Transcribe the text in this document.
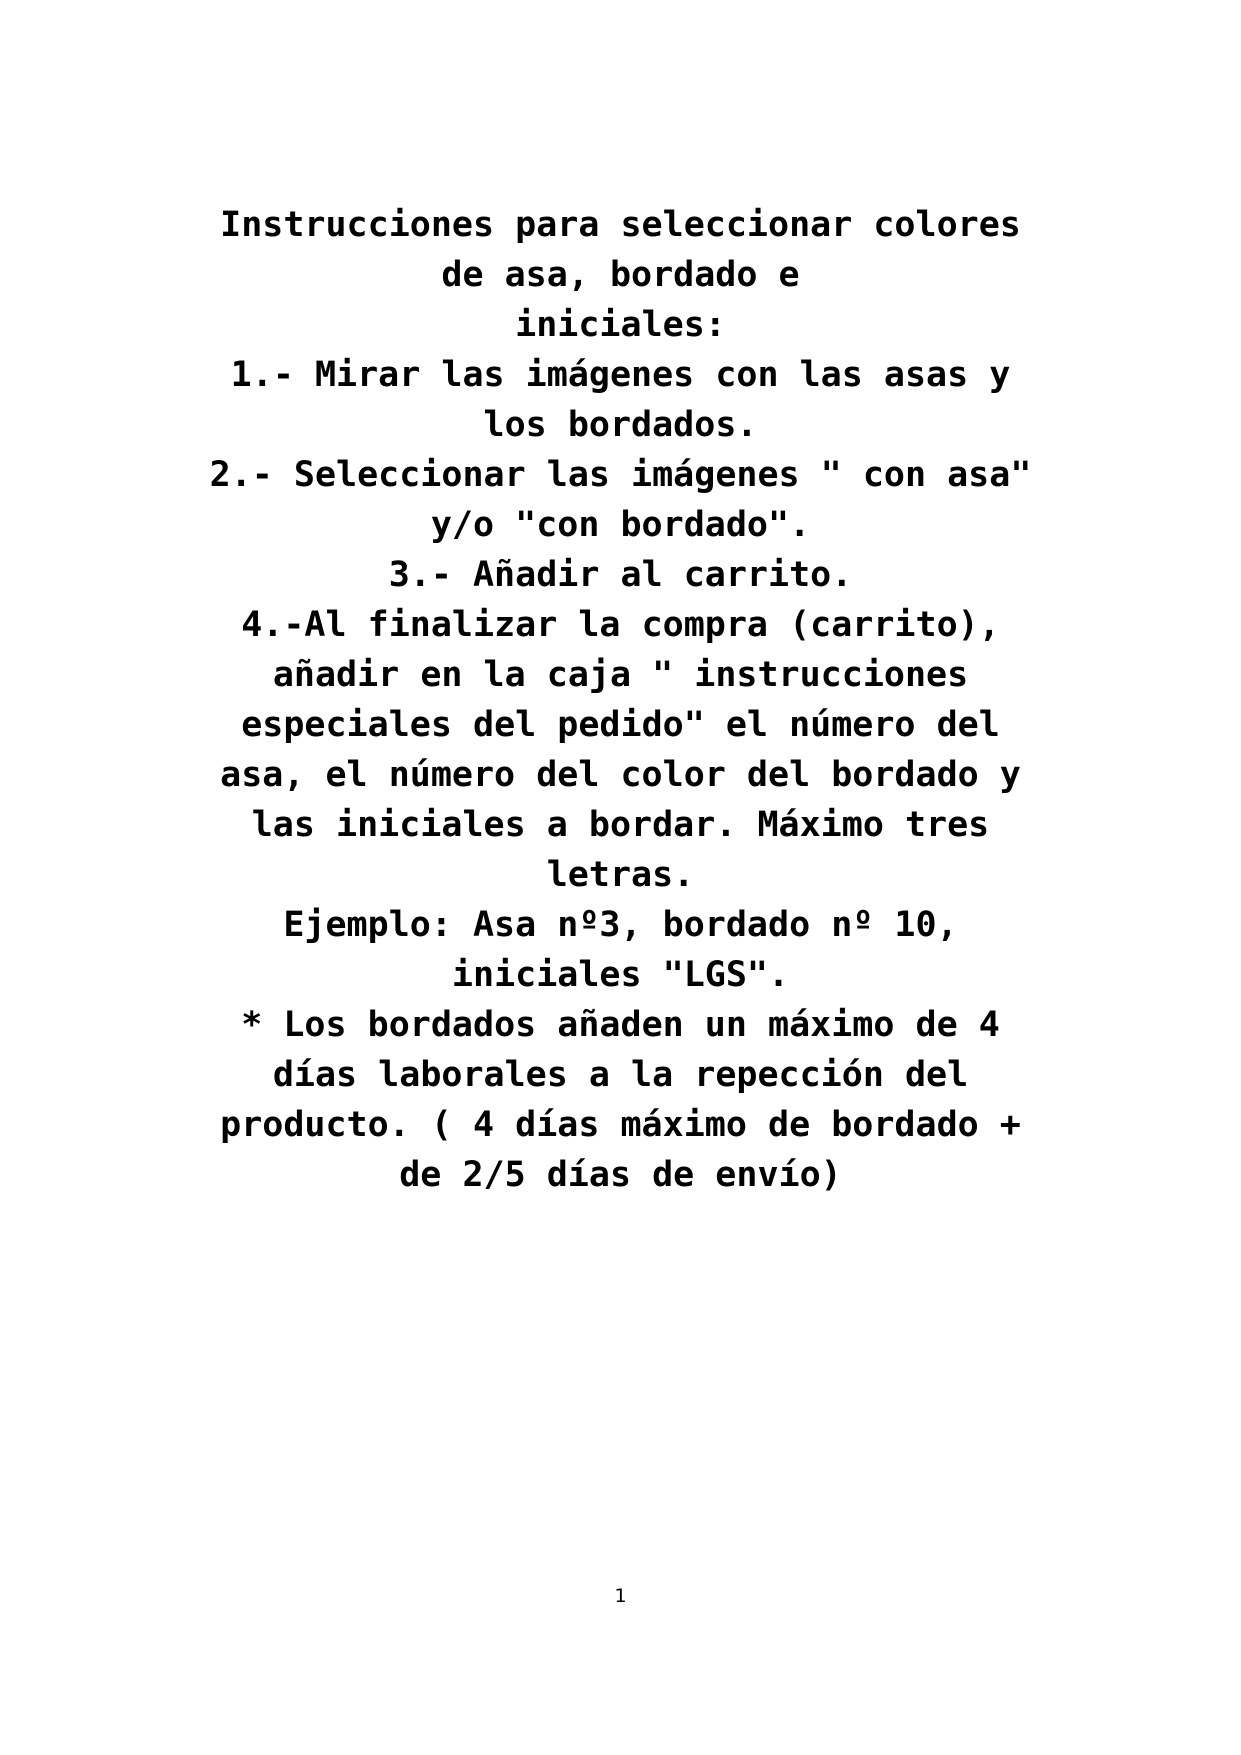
Instrucciones para seleccionar colores de asa, bordado e

iniciales:

1.- Mirar las imágenes con las asas y los bordados.

2.- Seleccionar las imágenes " con asa" y/o "con bordado".

3.- Añadir al carrito.

4.-Al finalizar la compra (carrito), añadir en la caja " instrucciones especiales del pedido" el número del asa, el número del color del bordado y las iniciales a bordar. Máximo tres letras.

Ejemplo: Asa nº3, bordado nº 10, iniciales "LGS".

* Los bordados añaden un máximo de 4 días laborales a la repección del producto. ( 4 días máximo de bordado + de 2/5 días de envío)

1
